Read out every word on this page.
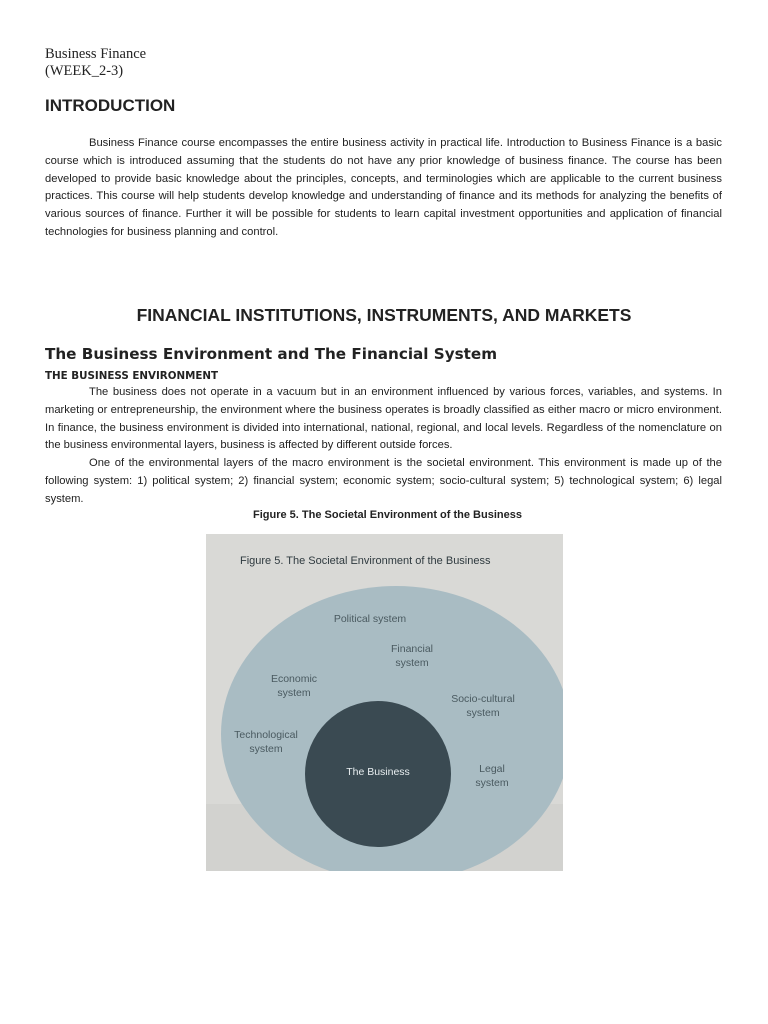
Business Finance
(WEEK_2-3)
INTRODUCTION

Business Finance course encompasses the entire business activity in practical life. Introduction to Business Finance is a basic course which is introduced assuming that the students do not have any prior knowledge of business finance. The course has been developed to provide basic knowledge about the principles, concepts, and terminologies which are applicable to the current business practices. This course will help students develop knowledge and understanding of finance and its methods for analyzing the benefits of various sources of finance. Further it will be possible for students to learn capital investment opportunities and application of financial technologies for business planning and control.

FINANCIAL INSTITUTIONS, INSTRUMENTS, AND MARKETS
The Business Environment and The Financial System
THE BUSINESS ENVIRONMENT

The business does not operate in a vacuum but in an environment influenced by various forces, variables, and systems. In marketing or entrepreneurship, the environment where the business operates is broadly classified as either macro or micro environment. In finance, the business environment is divided into international, national, regional, and local levels. Regardless of the nomenclature on the business environmental layers, business is affected by different outside forces.

One of the environmental layers of the macro environment is the societal environment. This environment is made up of the following system: 1) political system; 2) financial system; economic system; socio-cultural system; 5) technological system; 6) legal system.

Figure 5. The Societal Environment of the Business
Figure 5. The Societal Environment of the Business
Political system
Financial
system
Economic
system	Socio-cultural
system
Technological
system
The Business	Legal
system
